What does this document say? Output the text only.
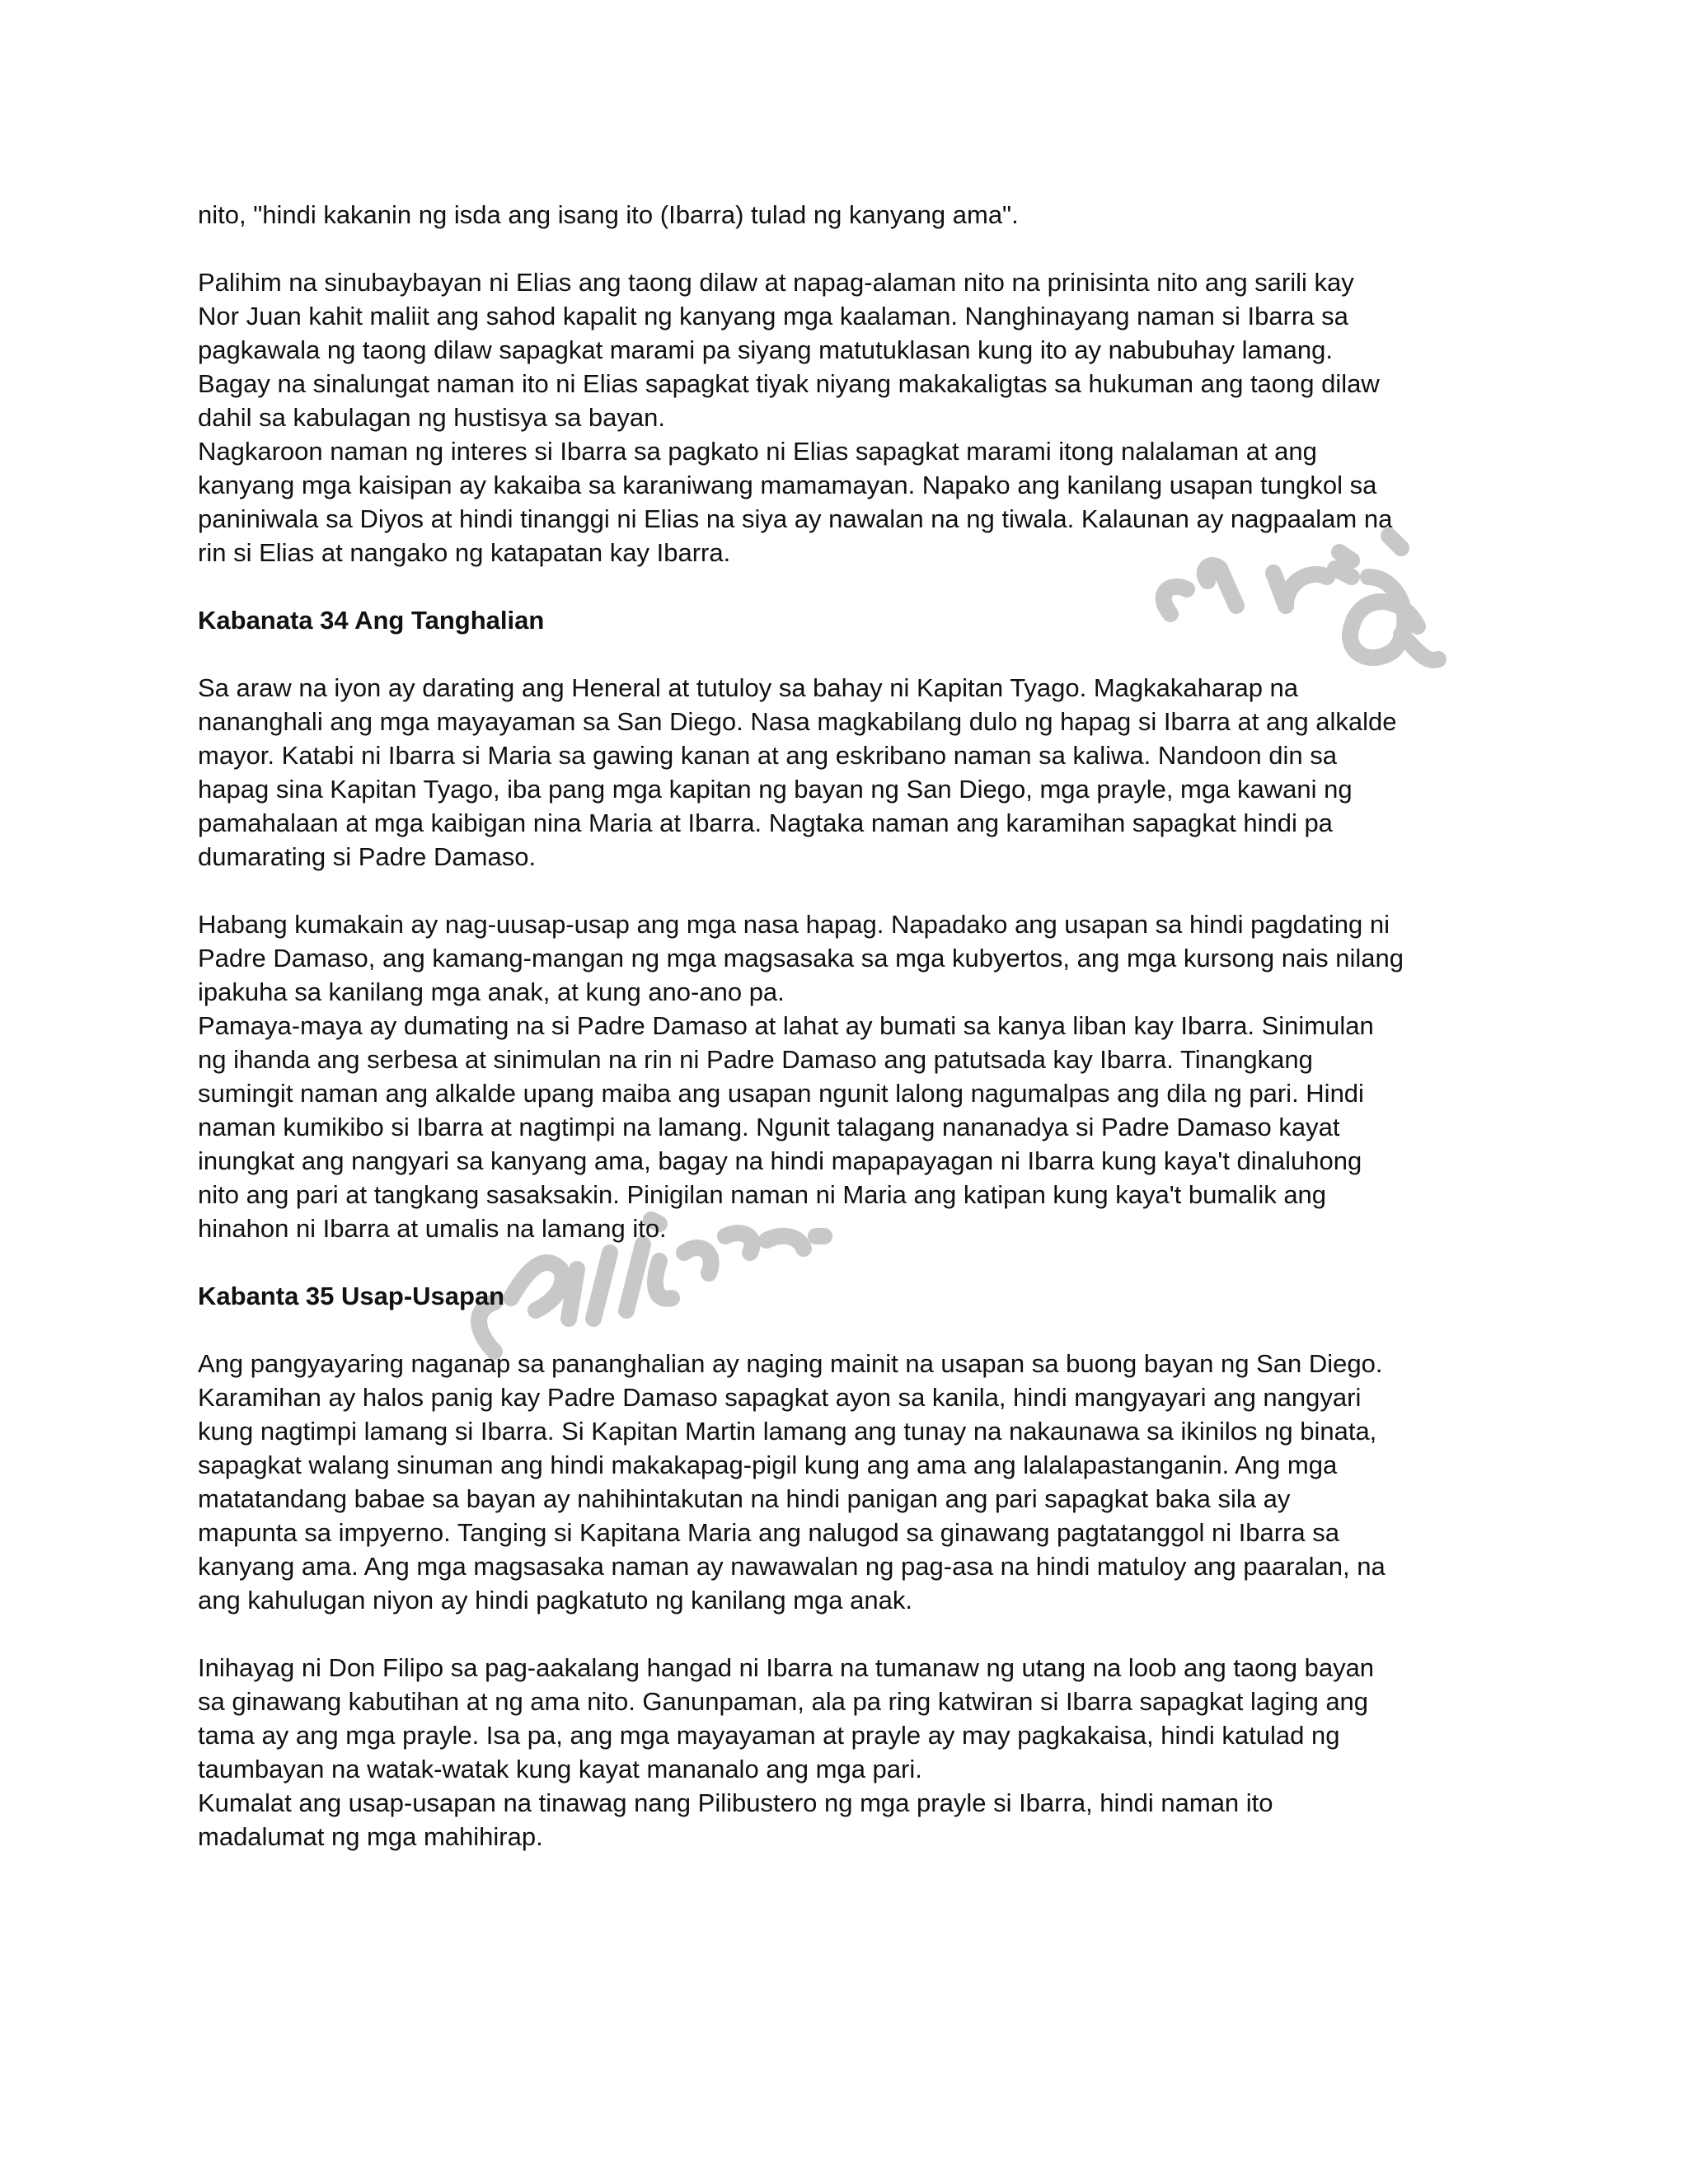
nito, "hindi kakanin ng isda ang isang ito (Ibarra) tulad ng kanyang ama".

Palihim na sinubaybayan ni Elias ang taong dilaw at napag-alaman nito na prinisinta nito ang sarili kay
Nor Juan kahit maliit ang sahod kapalit ng kanyang mga kaalaman. Nanghinayang naman si Ibarra sa
pagkawala ng taong dilaw sapagkat marami pa siyang matutuklasan kung ito ay nabubuhay lamang.
Bagay na sinalungat naman ito ni Elias sapagkat tiyak niyang makakaligtas sa hukuman ang taong dilaw
dahil sa kabulagan ng hustisya sa bayan.
Nagkaroon naman ng interes si Ibarra sa pagkato ni Elias sapagkat marami itong nalalaman at ang
kanyang mga kaisipan ay kakaiba sa karaniwang mamamayan. Napako ang kanilang usapan tungkol sa
paniniwala sa Diyos at hindi tinanggi ni Elias na siya ay nawalan na ng tiwala. Kalaunan ay nagpaalam na
rin si Elias at nangako ng katapatan kay Ibarra.

Kabanata 34 Ang Tanghalian

Sa araw na iyon ay darating ang Heneral at tutuloy sa bahay ni Kapitan Tyago. Magkakaharap na
nananghali ang mga mayayaman sa San Diego. Nasa magkabilang dulo ng hapag si Ibarra at ang alkalde
mayor. Katabi ni Ibarra si Maria sa gawing kanan at ang eskribano naman sa kaliwa. Nandoon din sa
hapag sina Kapitan Tyago, iba pang mga kapitan ng bayan ng San Diego, mga prayle, mga kawani ng
pamahalaan at mga kaibigan nina Maria at Ibarra. Nagtaka naman ang karamihan sapagkat hindi pa
dumarating si Padre Damaso.

Habang kumakain ay nag-uusap-usap ang mga nasa hapag. Napadako ang usapan sa hindi pagdating ni
Padre Damaso, ang kamang-mangan ng mga magsasaka sa mga kubyertos, ang mga kursong nais nilang
ipakuha sa kanilang mga anak, at kung ano-ano pa.
Pamaya-maya ay dumating na si Padre Damaso at lahat ay bumati sa kanya liban kay Ibarra. Sinimulan
ng ihanda ang serbesa at sinimulan na rin ni Padre Damaso ang patutsada kay Ibarra. Tinangkang
sumingit naman ang alkalde upang maiba ang usapan ngunit lalong nagumalpas ang dila ng pari. Hindi
naman kumikibo si Ibarra at nagtimpi na lamang. Ngunit talagang nananadya si Padre Damaso kayat
inungkat ang nangyari sa kanyang ama, bagay na hindi mapapayagan ni Ibarra kung kaya't dinaluhong
nito ang pari at tangkang sasaksakin. Pinigilan naman ni Maria ang katipan kung kaya't bumalik ang
hinahon ni Ibarra at umalis na lamang ito.

Kabanta 35 Usap-Usapan

Ang pangyayaring naganap sa pananghalian ay naging mainit na usapan sa buong bayan ng San Diego.
Karamihan ay halos panig kay Padre Damaso sapagkat ayon sa kanila, hindi mangyayari ang nangyari
kung nagtimpi lamang si Ibarra. Si Kapitan Martin lamang ang tunay na nakaunawa sa ikinilos ng binata,
sapagkat walang sinuman ang hindi makakapag-pigil kung ang ama ang lalalapastanganin. Ang mga
matatandang babae sa bayan ay nahihintakutan na hindi panigan ang pari sapagkat baka sila ay
mapunta sa impyerno. Tanging si Kapitana Maria ang nalugod sa ginawang pagtatanggol ni Ibarra sa
kanyang ama. Ang mga magsasaka naman ay nawawalan ng pag-asa na hindi matuloy ang paaralan, na
ang kahulugan niyon ay hindi pagkatuto ng kanilang mga anak.

Inihayag ni Don Filipo sa pag-aakalang hangad ni Ibarra na tumanaw ng utang na loob ang taong bayan
sa ginawang kabutihan at ng ama nito. Ganunpaman, ala pa ring katwiran si Ibarra sapagkat laging ang
tama ay ang mga prayle. Isa pa, ang mga mayayaman at prayle ay may pagkakaisa, hindi katulad ng
taumbayan na watak-watak kung kayat mananalo ang mga pari.
Kumalat ang usap-usapan na tinawag nang Pilibustero ng mga prayle si Ibarra, hindi naman ito
madalumat ng mga mahihirap.
